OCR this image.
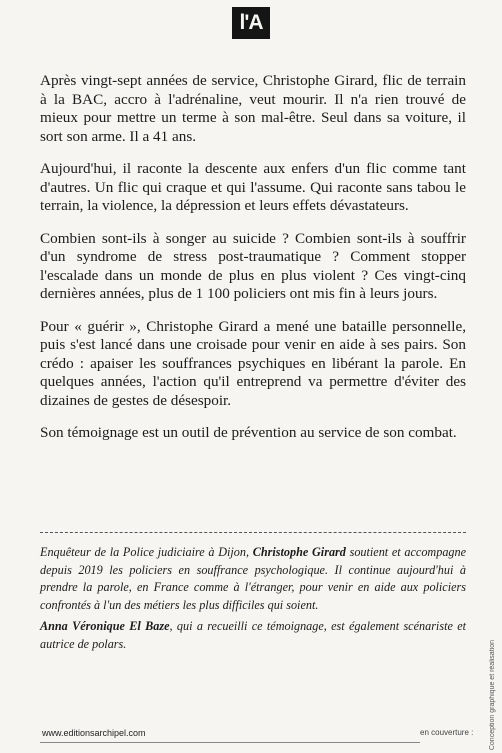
l'A

Après vingt-sept années de service, Christophe Girard, flic de terrain à la BAC, accro à l'adrénaline, veut mourir. Il n'a rien trouvé de mieux pour mettre un terme à son mal-être. Seul dans sa voiture, il sort son arme. Il a 41 ans.

Aujourd'hui, il raconte la descente aux enfers d'un flic comme tant d'autres. Un flic qui craque et qui l'assume. Qui raconte sans tabou le terrain, la violence, la dépression et leurs effets dévastateurs.

Combien sont-ils à songer au suicide ? Combien sont-ils à souffrir d'un syndrome de stress post-traumatique ? Comment stopper l'escalade dans un monde de plus en plus violent ? Ces vingt-cinq dernières années, plus de 1 100 policiers ont mis fin à leurs jours.

Pour « guérir », Christophe Girard a mené une bataille personnelle, puis s'est lancé dans une croisade pour venir en aide à ses pairs. Son crédo : apaiser les souffrances psychiques en libérant la parole. En quelques années, l'action qu'il entreprend va permettre d'éviter des dizaines de gestes de désespoir.

Son témoignage est un outil de prévention au service de son combat.

Enquêteur de la Police judiciaire à Dijon, Christophe Girard soutient et accompagne depuis 2019 les policiers en souffrance psychologique. Il continue aujourd'hui à prendre la parole, en France comme à l'étranger, pour venir en aide aux policiers confrontés à l'un des métiers les plus difficiles qui soient.

Anna Véronique El Baze, qui a recueilli ce témoignage, est également scénariste et autrice de polars.	Conception graphique et réalisation
www.editionsarchipel.com	en couverture :
